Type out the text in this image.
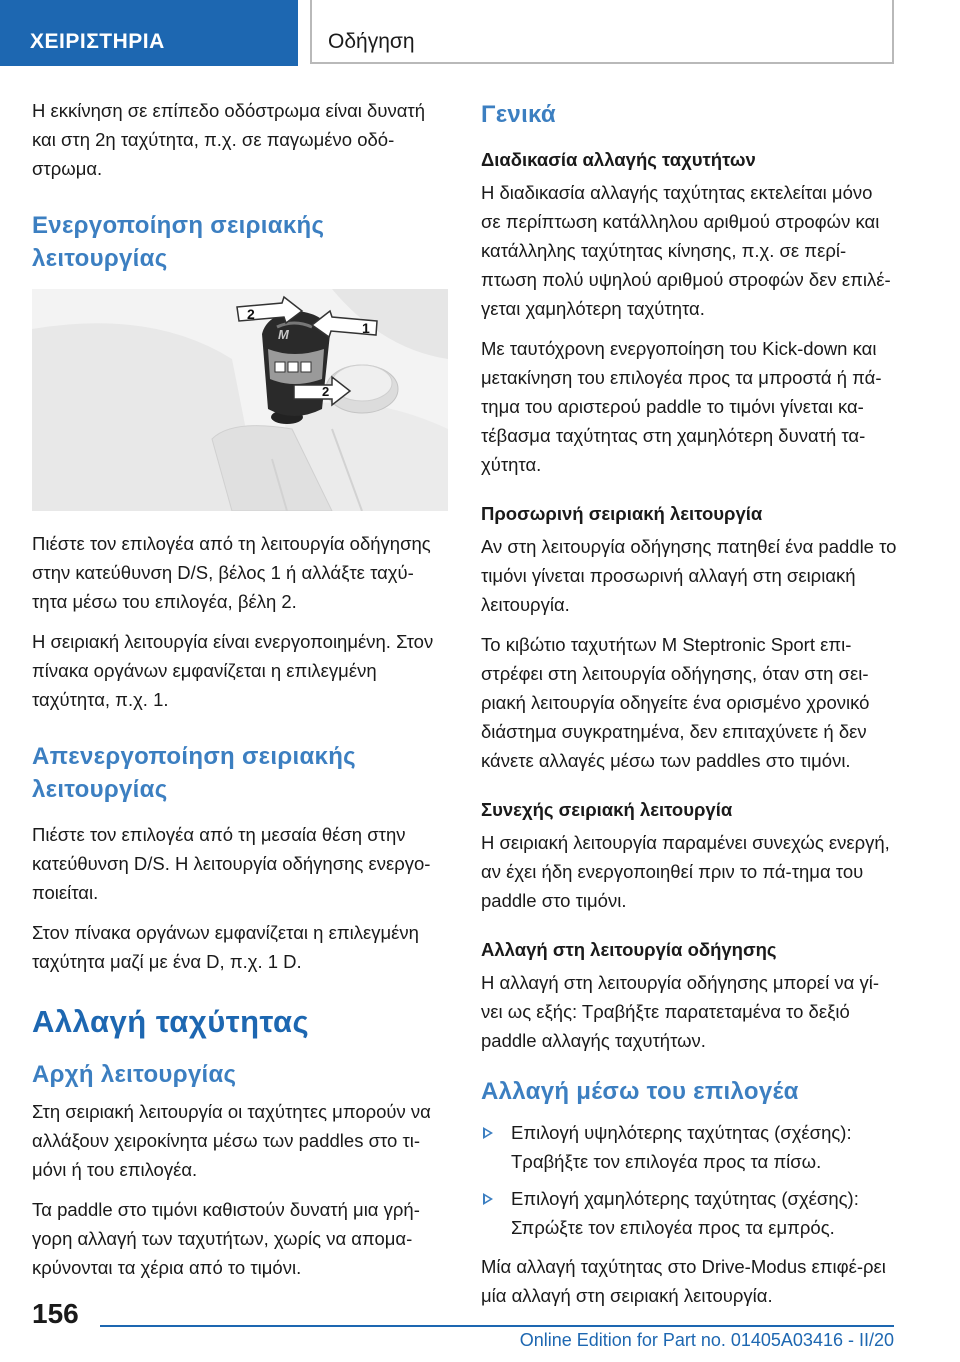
ΧΕΙΡΙΣΤΗΡΙΑ	Οδήγηση

Η εκκίνηση σε επίπεδο οδόστρωμα είναι δυνατή και στη 2η ταχύτητα, π.χ. σε παγωμένο οδό-στρωμα.

Ενεργοποίηση σειριακής λειτουργίας
M
2
1
2

Πιέστε τον επιλογέα από τη λειτουργία οδήγησης στην κατεύθυνση D/S, βέλος 1 ή αλλάξτε ταχύ-τητα μέσω του επιλογέα, βέλη 2.

Η σειριακή λειτουργία είναι ενεργοποιημένη. Στον πίνακα οργάνων εμφανίζεται η επιλεγμένη ταχύτητα, π.χ. 1.

Απενεργοποίηση σειριακής λειτουργίας

Πιέστε τον επιλογέα από τη μεσαία θέση στην κατεύθυνση D/S. Η λειτουργία οδήγησης ενεργο-ποιείται.

Στον πίνακα οργάνων εμφανίζεται η επιλεγμένη ταχύτητα μαζί με ένα D, π.χ. 1 D.

Αλλαγή ταχύτητας
Αρχή λειτουργίας

Στη σειριακή λειτουργία οι ταχύτητες μπορούν να αλλάξουν χειροκίνητα μέσω των paddles στο τι-μόνι ή του επιλογέα.

Τα paddle στο τιμόνι καθιστούν δυνατή μια γρή-γορη αλλαγή των ταχυτήτων, χωρίς να απομα-κρύνονται τα χέρια από το τιμόνι.

Γενικά
Διαδικασία αλλαγής ταχυτήτων

Η διαδικασία αλλαγής ταχύτητας εκτελείται μόνο σε περίπτωση κατάλληλου αριθμού στροφών και κατάλληλης ταχύτητας κίνησης, π.χ. σε περί-πτωση πολύ υψηλού αριθμού στροφών δεν επιλέ-γεται χαμηλότερη ταχύτητα.

Με ταυτόχρονη ενεργοποίηση του Kick-down και μετακίνηση του επιλογέα προς τα μπροστά ή πά-τημα του αριστερού paddle το τιμόνι γίνεται κα-τέβασμα ταχύτητας στη χαμηλότερη δυνατή τα-χύτητα.

Προσωρινή σειριακή λειτουργία

Αν στη λειτουργία οδήγησης πατηθεί ένα paddle το τιμόνι γίνεται προσωρινή αλλαγή στη σειριακή λειτουργία.

Το κιβώτιο ταχυτήτων M Steptronic Sport επι-στρέφει στη λειτουργία οδήγησης, όταν στη σει-ριακή λειτουργία οδηγείτε ένα ορισμένο χρονικό διάστημα συγκρατημένα, δεν επιταχύνετε ή δεν κάνετε αλλαγές μέσω των paddles στο τιμόνι.

Συνεχής σειριακή λειτουργία

Η σειριακή λειτουργία παραμένει συνεχώς ενεργή, αν έχει ήδη ενεργοποιηθεί πριν το πά-τημα του paddle στο τιμόνι.

Αλλαγή στη λειτουργία οδήγησης

Η αλλαγή στη λειτουργία οδήγησης μπορεί να γί-νει ως εξής: Τραβήξτε παρατεταμένα το δεξιό paddle αλλαγής ταχυτήτων.

Αλλαγή μέσω του επιλογέα
Επιλογή υψηλότερης ταχύτητας (σχέσης): Τραβήξτε τον επιλογέα προς τα πίσω.
Επιλογή χαμηλότερης ταχύτητας (σχέσης): Σπρώξτε τον επιλογέα προς τα εμπρός.

Μία αλλαγή ταχύτητας στο Drive-Modus επιφέ-ρει μία αλλαγή στη σειριακή λειτουργία.

156
Online Edition for Part no. 01405A03416 - II/20
